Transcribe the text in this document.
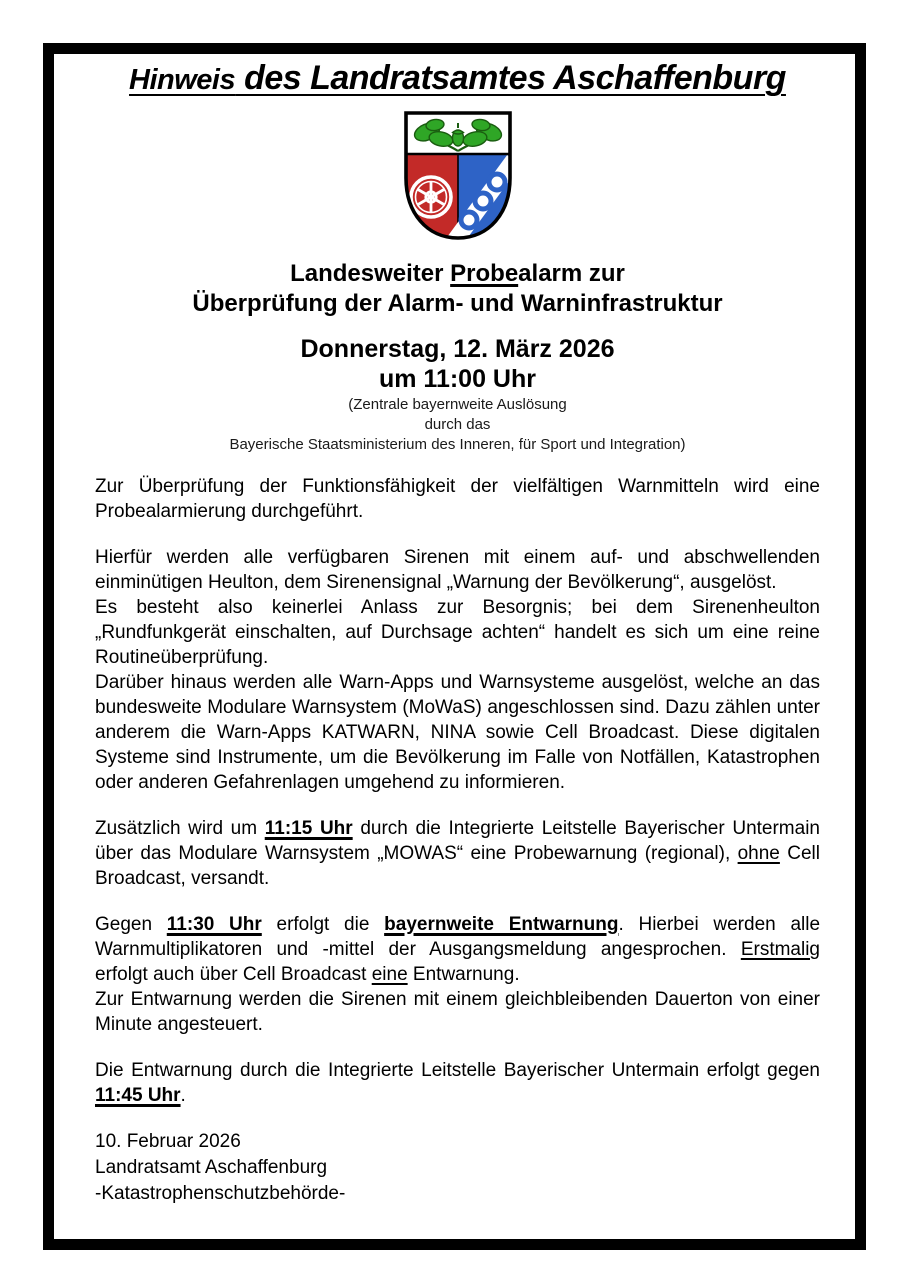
Hinweis des Landratsamtes Aschaffenburg
Landesweiter Probealarm zur
Überprüfung der Alarm- und Warninfrastruktur
Donnerstag, 12. März 2026
um 11:00 Uhr
(Zentrale bayernweite Auslösung
durch das
Bayerische Staatsministerium des Inneren, für Sport und Integration)

Zur Überprüfung der Funktionsfähigkeit der vielfältigen Warnmitteln wird eine Probealarmierung durchgeführt.

Hierfür werden alle verfügbaren Sirenen mit einem auf- und abschwellenden einminütigen Heulton, dem Sirenensignal „Warnung der Bevölkerung“, ausgelöst.
Es besteht also keinerlei Anlass zur Besorgnis; bei dem Sirenenheulton „Rundfunkgerät einschalten, auf Durchsage achten“ handelt es sich um eine reine Routineüberprüfung.
Darüber hinaus werden alle Warn-Apps und Warnsysteme ausgelöst, welche an das bundesweite Modulare Warnsystem (MoWaS) angeschlossen sind. Dazu zählen unter anderem die Warn-Apps KATWARN, NINA sowie Cell Broadcast. Diese digitalen Systeme sind Instrumente, um die Bevölkerung im Falle von Notfällen, Katastrophen oder anderen Gefahrenlagen umgehend zu informieren.

Zusätzlich wird um 11:15 Uhr durch die Integrierte Leitstelle Bayerischer Untermain über das Modulare Warnsystem „MOWAS“ eine Probewarnung (regional), ohne Cell Broadcast, versandt.

Gegen 11:30 Uhr erfolgt die bayernweite Entwarnung. Hierbei werden alle Warnmultiplikatoren und -mittel der Ausgangsmeldung angesprochen. Erstmalig erfolgt auch über Cell Broadcast eine Entwarnung.
Zur Entwarnung werden die Sirenen mit einem gleichbleibenden Dauerton von einer Minute angesteuert.

Die Entwarnung durch die Integrierte Leitstelle Bayerischer Untermain erfolgt gegen 11:45 Uhr.

10. Februar 2026
Landratsamt Aschaffenburg
-Katastrophenschutzbehörde-
